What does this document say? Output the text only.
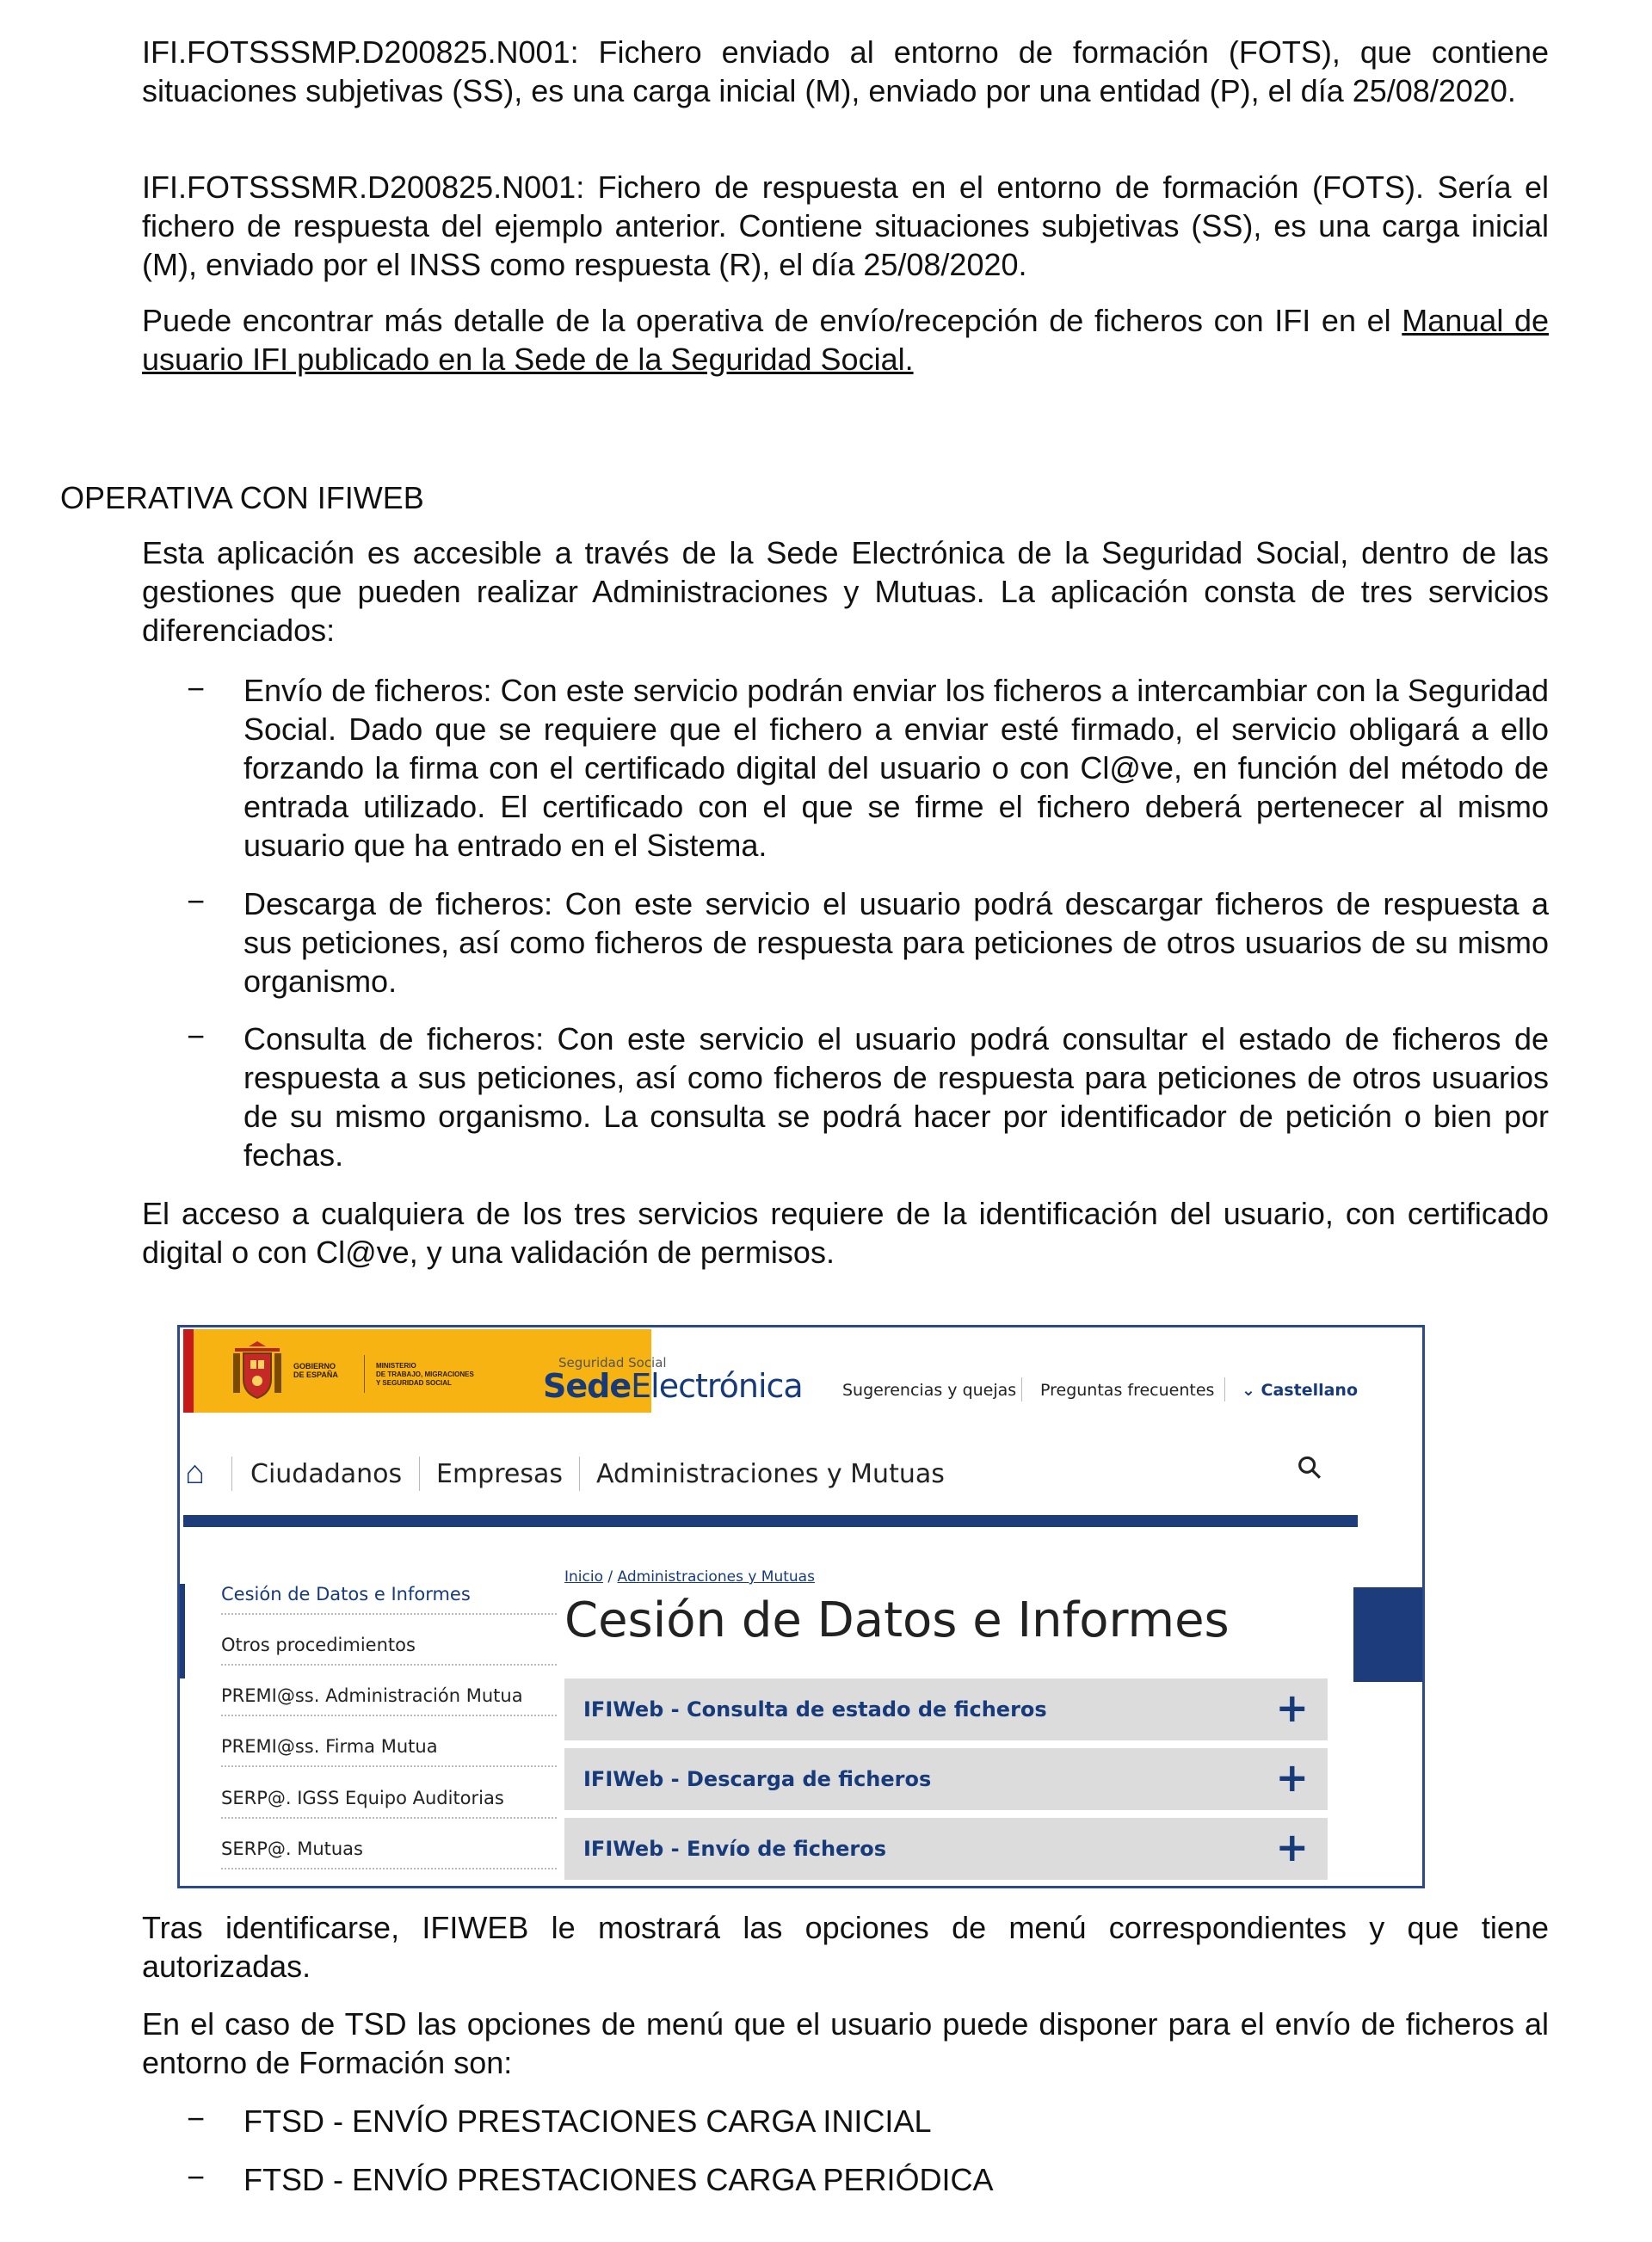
IFI.FOTSSSMP.D200825.N001: Fichero enviado al entorno de formación (FOTS), que contiene situaciones subjetivas (SS), es una carga inicial (M), enviado por una entidad (P), el día 25/08/2020.

IFI.FOTSSSMR.D200825.N001: Fichero de respuesta en el entorno de formación (FOTS). Sería el fichero de respuesta del ejemplo anterior. Contiene situaciones subjetivas (SS), es una carga inicial (M), enviado por el INSS como respuesta (R), el día 25/08/2020.

Puede encontrar más detalle de la operativa de envío/recepción de ficheros con IFI en el Manual de usuario IFI publicado en la Sede de la Seguridad Social.

OPERATIVA CON IFIWEB

Esta aplicación es accesible a través de la Sede Electrónica de la Seguridad Social, dentro de las gestiones que pueden realizar Administraciones y Mutuas. La aplicación consta de tres servicios diferenciados:

− Envío de ficheros: Con este servicio podrán enviar los ficheros a intercambiar con la Seguridad Social. Dado que se requiere que el fichero a enviar esté firmado, el servicio obligará a ello forzando la firma con el certificado digital del usuario o con Cl@ve, en función del método de entrada utilizado. El certificado con el que se firme el fichero deberá pertenecer al mismo usuario que ha entrado en el Sistema.

− Descarga de ficheros: Con este servicio el usuario podrá descargar ficheros de respuesta a sus peticiones, así como ficheros de respuesta para peticiones de otros usuarios de su mismo organismo.

− Consulta de ficheros: Con este servicio el usuario podrá consultar el estado de ficheros de respuesta a sus peticiones, así como ficheros de respuesta para peticiones de otros usuarios de su mismo organismo. La consulta se podrá hacer por identificador de petición o bien por fechas.

El acceso a cualquiera de los tres servicios requiere de la identificación del usuario, con certificado digital o con Cl@ve, y una validación de permisos.

GOBIERNO
DE ESPAÑA
MINISTERIO
DE TRABAJO, MIGRACIONES
Y SEGURIDAD SOCIAL
Seguridad Social
SedeElectrónica Sugerencias y quejas Preguntas frecuentes ⌄ Castellano
⌂ Ciudadanos Empresas Administraciones y Mutuas	⚲
Cesión de Datos e Informes
Otros procedimientos
PREMI@ss. Administración Mutua
PREMI@ss. Firma Mutua
SERP@. IGSS Equipo Auditorias
SERP@. Mutuas
Inicio / Administraciones y Mutuas
Cesión de Datos e Informes
IFIWeb - Consulta de estado de ficheros	+
IFIWeb - Descarga de ficheros	+
IFIWeb - Envío de ficheros	+

Tras identificarse, IFIWEB le mostrará las opciones de menú correspondientes y que tiene autorizadas.

En el caso de TSD las opciones de menú que el usuario puede disponer para el envío de ficheros al entorno de Formación son:

− FTSD - ENVÍO PRESTACIONES CARGA INICIAL

− FTSD - ENVÍO PRESTACIONES CARGA PERIÓDICA
